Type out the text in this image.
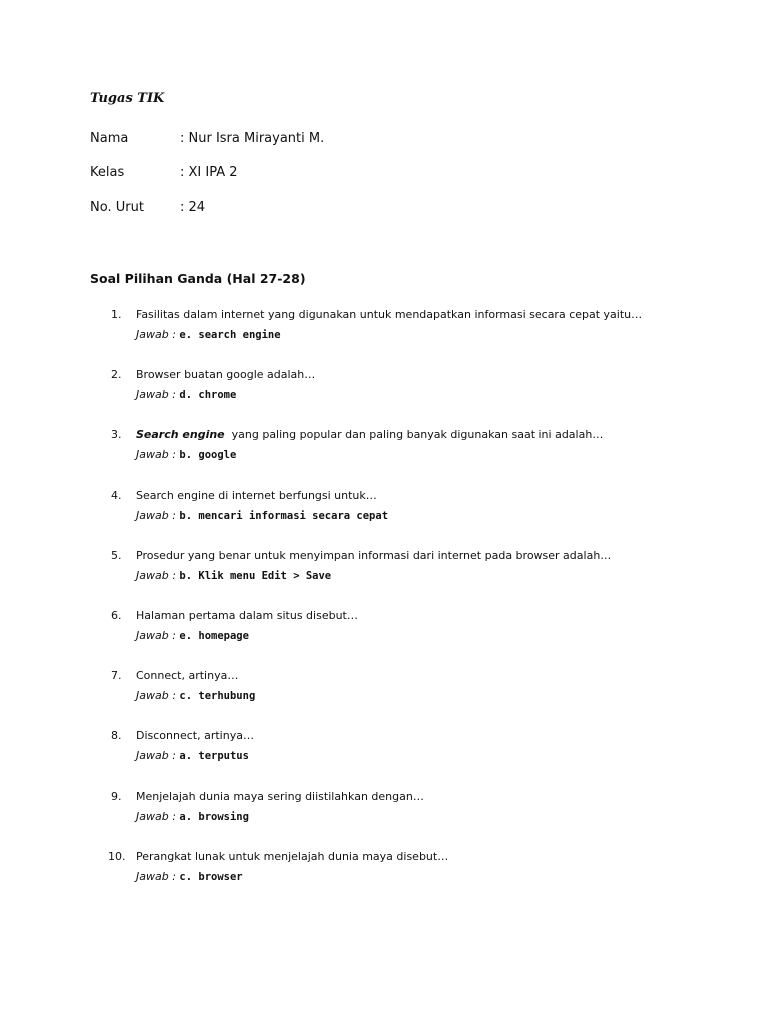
Tugas TIK
Nama	: Nur Isra Mirayanti M.
Kelas	: XI IPA 2
No. Urut	: 24
Soal Pilihan Ganda (Hal 27-28)
1. Fasilitas dalam internet yang digunakan untuk mendapatkan informasi secara cepat yaitu…
Jawab : e. search engine
2. Browser buatan google adalah…
Jawab : d. chrome
3. Search engine  yang paling popular dan paling banyak digunakan saat ini adalah…
Jawab : b. google
4. Search engine di internet berfungsi untuk…
Jawab : b. mencari informasi secara cepat
5. Prosedur yang benar untuk menyimpan informasi dari internet pada browser adalah…
Jawab : b. Klik menu Edit > Save
6. Halaman pertama dalam situs disebut…
Jawab : e. homepage
7. Connect, artinya…
Jawab : c. terhubung
8. Disconnect, artinya…
Jawab : a. terputus
9. Menjelajah dunia maya sering diistilahkan dengan…
Jawab : a. browsing
10. Perangkat lunak untuk menjelajah dunia maya disebut…
Jawab : c. browser
